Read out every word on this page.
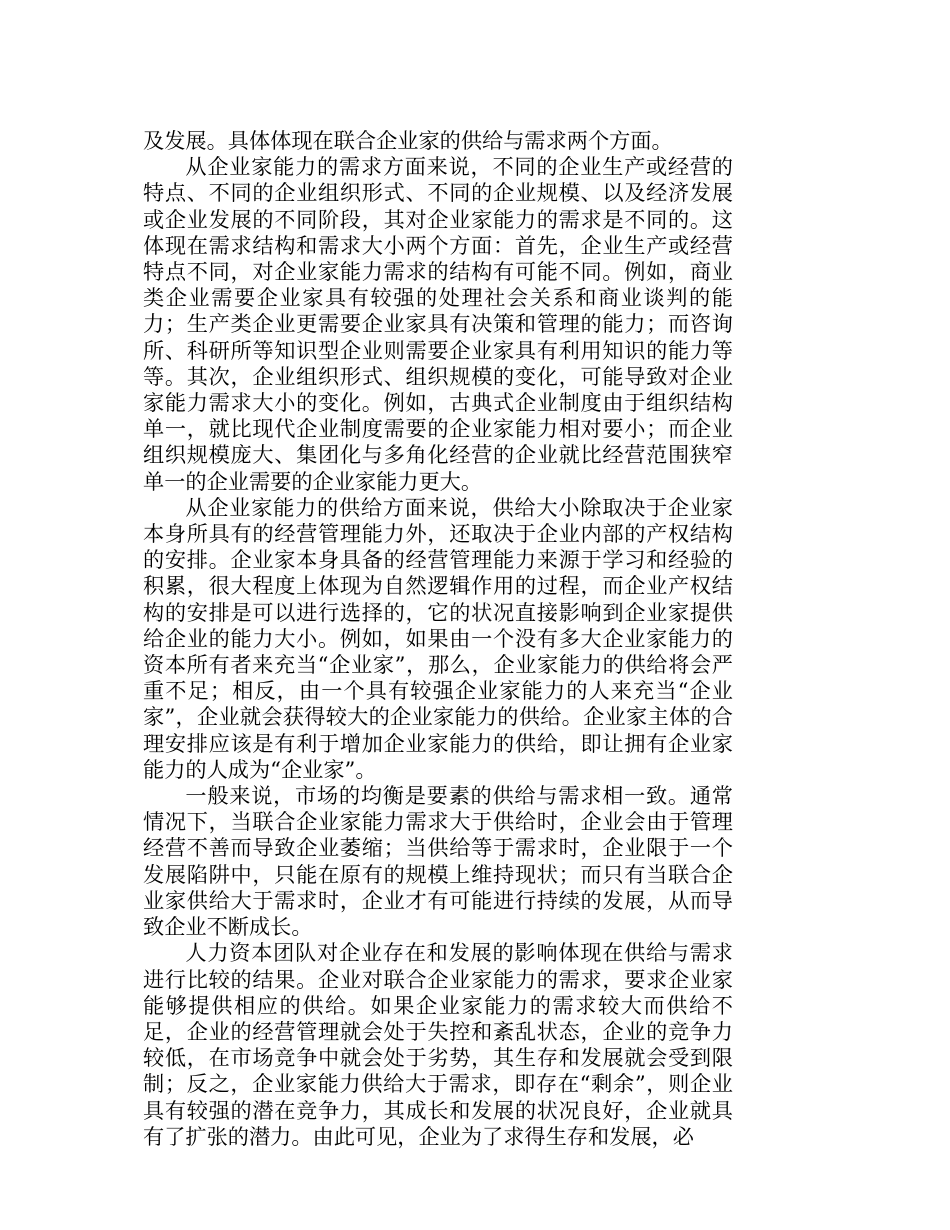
及发展。具体体现在联合企业家的供给与需求两个方面。

从企业家能力的需求方面来说，不同的企业生产或经营的特点、不同的企业组织形式、不同的企业规模、以及经济发展或企业发展的不同阶段，其对企业家能力的需求是不同的。这体现在需求结构和需求大小两个方面：首先，企业生产或经营特点不同，对企业家能力需求的结构有可能不同。例如，商业类企业需要企业家具有较强的处理社会关系和商业谈判的能力；生产类企业更需要企业家具有决策和管理的能力；而咨询所、科研所等知识型企业则需要企业家具有利用知识的能力等等。其次，企业组织形式、组织规模的变化，可能导致对企业家能力需求大小的变化。例如，古典式企业制度由于组织结构单一，就比现代企业制度需要的企业家能力相对要小；而企业组织规模庞大、集团化与多角化经营的企业就比经营范围狭窄单一的企业需要的企业家能力更大。

从企业家能力的供给方面来说，供给大小除取决于企业家本身所具有的经营管理能力外，还取决于企业内部的产权结构的安排。企业家本身具备的经营管理能力来源于学习和经验的积累，很大程度上体现为自然逻辑作用的过程，而企业产权结构的安排是可以进行选择的，它的状况直接影响到企业家提供给企业的能力大小。例如，如果由一个没有多大企业家能力的资本所有者来充当“企业家”，那么，企业家能力的供给将会严重不足；相反，由一个具有较强企业家能力的人来充当“企业家”，企业就会获得较大的企业家能力的供给。企业家主体的合理安排应该是有利于增加企业家能力的供给，即让拥有企业家能力的人成为“企业家”。

一般来说，市场的均衡是要素的供给与需求相一致。通常情况下，当联合企业家能力需求大于供给时，企业会由于管理经营不善而导致企业萎缩；当供给等于需求时，企业限于一个发展陷阱中，只能在原有的规模上维持现状；而只有当联合企业家供给大于需求时，企业才有可能进行持续的发展，从而导致企业不断成长。

人力资本团队对企业存在和发展的影响体现在供给与需求进行比较的结果。企业对联合企业家能力的需求，要求企业家能够提供相应的供给。如果企业家能力的需求较大而供给不足，企业的经营管理就会处于失控和紊乱状态，企业的竞争力较低，在市场竞争中就会处于劣势，其生存和发展就会受到限制；反之，企业家能力供给大于需求，即存在“剩余”，则企业具有较强的潜在竞争力，其成长和发展的状况良好，企业就具有了扩张的潜力。由此可见，企业为了求得生存和发展，必
